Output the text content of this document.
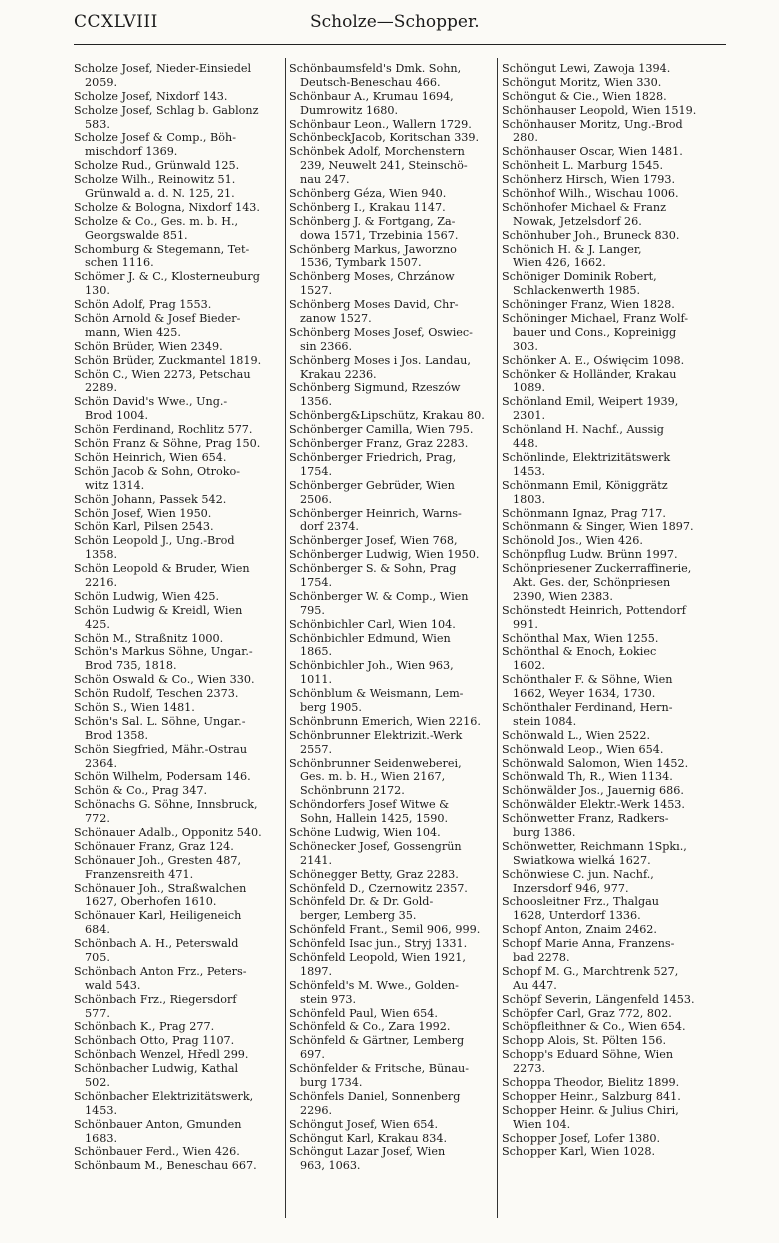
CCXLVIII	Scholze—Schopper.
Scholze Josef, Nieder-Einsiedel
2059.
Scholze Josef, Nixdorf 143.
Scholze Josef, Schlag b. Gablonz
583.
Scholze Josef & Comp., Böh-
mischdorf 1369.
Scholze Rud., Grünwald 125.
Scholze Wilh., Reinowitz 51.
Grünwald a. d. N. 125, 21.
Scholze & Bologna, Nixdorf 143.
Scholze & Co., Ges. m. b. H.,
Georgswalde 851.
Schomburg & Stegemann, Tet-
schen 1116.
Schömer J. & C., Klosterneuburg
130.
Schön Adolf, Prag 1553.
Schön Arnold & Josef Bieder-
mann, Wien 425.
Schön Brüder, Wien 2349.
Schön Brüder, Zuckmantel 1819.
Schön C., Wien 2273, Petschau
2289.
Schön David's Wwe., Ung.-
Brod 1004.
Schön Ferdinand, Rochlitz 577.
Schön Franz & Söhne, Prag 150.
Schön Heinrich, Wien 654.
Schön Jacob & Sohn, Otroko-
witz 1314.
Schön Johann, Passek 542.
Schön Josef, Wien 1950.
Schön Karl, Pilsen 2543.
Schön Leopold J., Ung.-Brod
1358.
Schön Leopold & Bruder, Wien
2216.
Schön Ludwig, Wien 425.
Schön Ludwig & Kreidl, Wien
425.
Schön M., Straßnitz 1000.
Schön's Markus Söhne, Ungar.-
Brod 735, 1818.
Schön Oswald & Co., Wien 330.
Schön Rudolf, Teschen 2373.
Schön S., Wien 1481.
Schön's Sal. L. Söhne, Ungar.-
Brod 1358.
Schön Siegfried, Mähr.-Ostrau
2364.
Schön Wilhelm, Podersam 146.
Schön & Co., Prag 347.
Schönachs G. Söhne, Innsbruck,
772.
Schönauer Adalb., Opponitz 540.
Schönauer Franz, Graz 124.
Schönauer Joh., Gresten 487,
Franzensreith 471.
Schönauer Joh., Straßwalchen
1627, Oberhofen 1610.
Schönauer Karl, Heiligeneich
684.
Schönbach A. H., Peterswald
705.
Schönbach Anton Frz., Peters-
wald 543.
Schönbach Frz., Riegersdorf
577.
Schönbach K., Prag 277.
Schönbach Otto, Prag 1107.
Schönbach Wenzel, Hředl 299.
Schönbacher Ludwig, Kathal
502.
Schönbacher Elektrizitätswerk,
1453.
Schönbauer Anton, Gmunden
1683.
Schönbauer Ferd., Wien 426.
Schönbaum M., Beneschau 667.
Schönbaumsfeld's Dmk. Sohn,
Deutsch-Beneschau 466.
Schönbaur A., Krumau 1694,
Dumrowitz 1680.
Schönbaur Leon., Wallern 1729.
SchönbeckJacob, Koritschan 339.
Schönbek Adolf, Morchenstern
239, Neuwelt 241, Steinschö-
nau 247.
Schönberg Géza, Wien 940.
Schönberg I., Krakau 1147.
Schönberg J. & Fortgang, Za-
dowa 1571, Trzebinia 1567.
Schönberg Markus, Jaworzno
1536, Tymbark 1507.
Schönberg Moses, Chrzánow
1527.
Schönberg Moses David, Chr-
zanow 1527.
Schönberg Moses Josef, Oswiec-
sin 2366.
Schönberg Moses i Jos. Landau,
Krakau 2236.
Schönberg Sigmund, Rzeszów
1356.
Schönberg&Lipschütz, Krakau 80.
Schönberger Camilla, Wien 795.
Schönberger Franz, Graz 2283.
Schönberger Friedrich, Prag,
1754.
Schönberger Gebrüder, Wien
2506.
Schönberger Heinrich, Warns-
dorf 2374.
Schönberger Josef, Wien 768,
Schönberger Ludwig, Wien 1950.
Schönberger S. & Sohn, Prag
1754.
Schönberger W. & Comp., Wien
795.
Schönbichler Carl, Wien 104.
Schönbichler Edmund, Wien
1865.
Schönbichler Joh., Wien 963,
1011.
Schönblum & Weismann, Lem-
berg 1905.
Schönbrunn Emerich, Wien 2216.
Schönbrunner Elektrizit.-Werk
2557.
Schönbrunner Seidenweberei,
Ges. m. b. H., Wien 2167,
Schönbrunn 2172.
Schöndorfers Josef Witwe &
Sohn, Hallein 1425, 1590.
Schöne Ludwig, Wien 104.
Schönecker Josef, Gossengrün
2141.
Schönegger Betty, Graz 2283.
Schönfeld D., Czernowitz 2357.
Schönfeld Dr. & Dr. Gold-
berger, Lemberg 35.
Schönfeld Frant., Semil 906, 999.
Schönfeld Isac jun., Stryj 1331.
Schönfeld Leopold, Wien 1921,
1897.
Schönfeld's M. Wwe., Golden-
stein 973.
Schönfeld Paul, Wien 654.
Schönfeld & Co., Zara 1992.
Schönfeld & Gärtner, Lemberg
697.
Schönfelder & Fritsche, Bünau-
burg 1734.
Schönfels Daniel, Sonnenberg
2296.
Schöngut Josef, Wien 654.
Schöngut Karl, Krakau 834.
Schöngut Lazar Josef, Wien
963, 1063.
Schöngut Lewi, Zawoja 1394.
Schöngut Moritz, Wien 330.
Schöngut & Cie., Wien 1828.
Schönhauser Leopold, Wien 1519.
Schönhauser Moritz, Ung.-Brod
280.
Schönhauser Oscar, Wien 1481.
Schönheit L. Marburg 1545.
Schönherz Hirsch, Wien 1793.
Schönhof Wilh., Wischau 1006.
Schönhofer Michael & Franz
Nowak, Jetzelsdorf 26.
Schönhuber Joh., Bruneck 830.
Schönich H. & J. Langer,
Wien 426, 1662.
Schöniger Dominik Robert,
Schlackenwerth 1985.
Schöninger Franz, Wien 1828.
Schöninger Michael, Franz Wolf-
bauer und Cons., Kopreinigg
303.
Schönker A. E., Oświęcim 1098.
Schönker & Holländer, Krakau
1089.
Schönland Emil, Weipert 1939,
2301.
Schönland H. Nachf., Aussig
448.
Schönlinde, Elektrizitätswerk
1453.
Schönmann Emil, Königgrätz
1803.
Schönmann Ignaz, Prag 717.
Schönmann & Singer, Wien 1897.
Schönold Jos., Wien 426.
Schönpflug Ludw. Brünn 1997.
Schönpriesener Zuckerraffinerie,
Akt. Ges. der, Schönpriesen
2390, Wien 2383.
Schönstedt Heinrich, Pottendorf
991.
Schönthal Max, Wien 1255.
Schönthal & Enoch, Łokiec
1602.
Schönthaler F. & Söhne, Wien
1662, Weyer 1634, 1730.
Schönthaler Ferdinand, Hern-
stein 1084.
Schönwald L., Wien 2522.
Schönwald Leop., Wien 654.
Schönwald Salomon, Wien 1452.
Schönwald Th, R., Wien 1134.
Schönwälder Jos., Jauernig 686.
Schönwälder Elektr.-Werk 1453.
Schönwetter Franz, Radkers-
burg 1386.
Schönwetter, Reichmann 1Spkı.,
Swiatkowa wielká 1627.
Schönwiese C. jun. Nachf.,
Inzersdorf 946, 977.
Schoosleitner Frz., Thalgau
1628, Unterdorf 1336.
Schopf Anton, Znaim 2462.
Schopf Marie Anna, Franzens-
bad 2278.
Schopf M. G., Marchtrenk 527,
Au 447.
Schöpf Severin, Längenfeld 1453.
Schöpfer Carl, Graz 772, 802.
Schöpfleithner & Co., Wien 654.
Schopp Alois, St. Pölten 156.
Schopp's Eduard Söhne, Wien
2273.
Schoppa Theodor, Bielitz 1899.
Schopper Heinr., Salzburg 841.
Schopper Heinr. & Julius Chiri,
Wien 104.
Schopper Josef, Lofer 1380.
Schopper Karl, Wien 1028.
